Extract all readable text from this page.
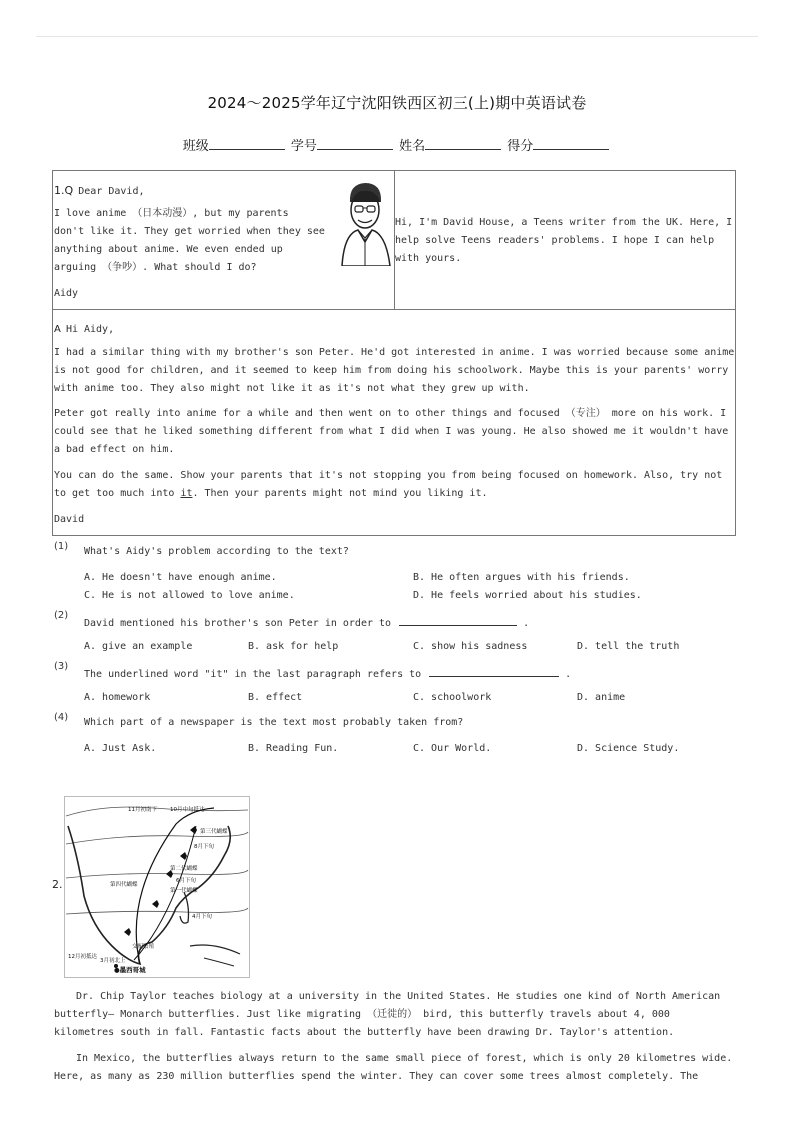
2024～2025学年辽宁沈阳铁西区初三(上)期中英语试卷
班级	学号	姓名	得分
1.Q Dear David,
I love anime （日本动漫）, but my parents
don't like it. They get worried when they see
anything about anime. We even ended up
arguing （争吵）. What should I do?
Aidy
Hi, I'm David House, a Teens writer from the UK. Here, I
help solve Teens readers' problems. I hope I can help
with yours.
A Hi Aidy,
I had a similar thing with my brother's son Peter. He'd got interested in anime. I was worried because some anime
is not good for children, and it seemed to keep him from doing his schoolwork. Maybe this is your parents' worry
with anime too. They also might not like it as it's not what they grew up with.
Peter got really into anime for a while and then went on to other things and focused （专注） more on his work. I
could see that he liked something different from what I did when I was young. He also showed me it wouldn't have
a bad effect on him.
You can do the same. Show your parents that it's not stopping you from being focused on homework. Also, try not
to get too much into it. Then your parents might not mind you liking it.
David
(1) What's Aidy's problem according to the text?
A. He doesn't have enough anime.	B. He often argues with his friends.
C. He is not allowed to love anime.	D. He feels worried about his studies.
(2)
David mentioned his brother's son Peter in order to	.
A. give an example	B. ask for help	C. show his sadness	D. tell the truth
(3)
The underlined word "it" in the last paragraph refers to	.
A. homework	B. effect	C. schoolwork	D. anime
(4) Which part of a newspaper is the text most probably taken from?
A. Just Ask.	B. Reading Fun.	C. Our World.	D. Science Study.
2.
11月初南下 10月中旬抵达
第三代蝴蝶
8月下旬
第二代蝴蝶
6月下旬
第一代蝴蝶
第四代蝴蝶
4月下旬
交配繁殖
12月初抵达
3月初北上
●墨西哥城
Dr. Chip Taylor teaches biology at a university in the United States. He studies one kind of North American
butterfly— Monarch butterflies. Just like migrating （迁徙的） bird, this butterfly travels about 4, 000
kilometres south in fall. Fantastic facts about the butterfly have been drawing Dr. Taylor's attention.
In Mexico, the butterflies always return to the same small piece of forest, which is only 20 kilometres wide.
Here, as many as 230 million butterflies spend the winter. They can cover some trees almost completely. The
